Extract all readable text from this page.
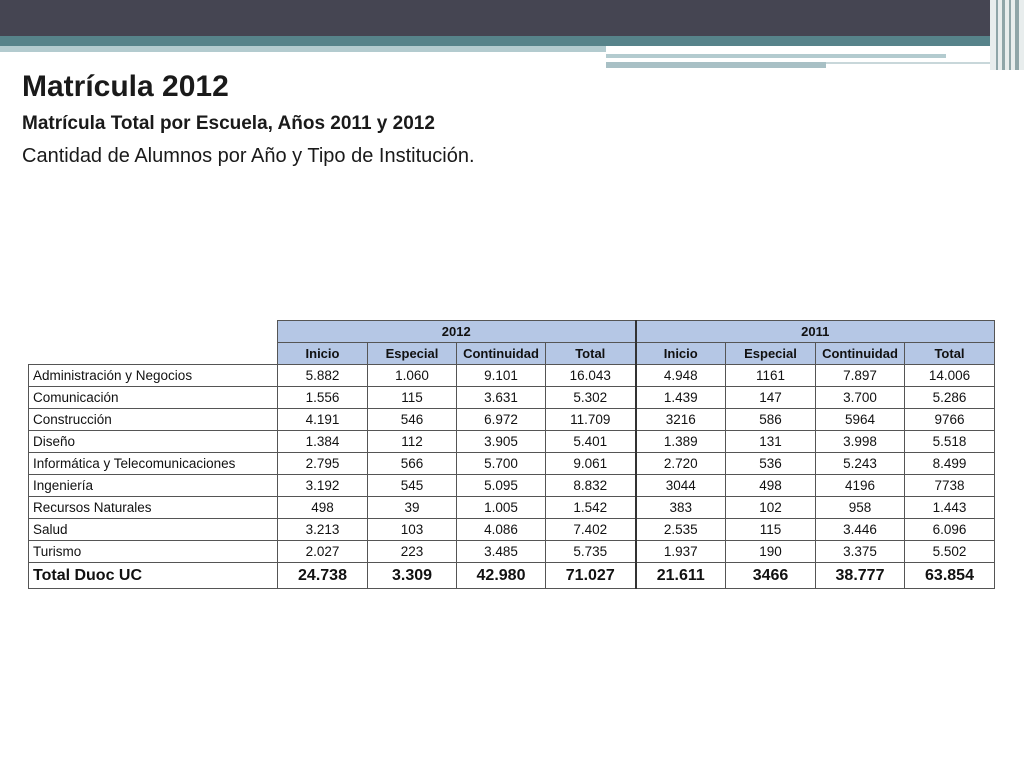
Matrícula 2012
Matrícula Total por Escuela, Años 2011 y 2012

Cantidad de Alumnos por Año y Tipo de Institución.

	2012				2011			
	Inicio	Especial	Continuidad	Total	Inicio	Especial	Continuidad	Total
Administración y Negocios	5.882	1.060	9.101	16.043	4.948	1161	7.897	14.006
Comunicación	1.556	115	3.631	5.302	1.439	147	3.700	5.286
Construcción	4.191	546	6.972	11.709	3216	586	5964	9766
Diseño	1.384	112	3.905	5.401	1.389	131	3.998	5.518
Informática y Telecomunicaciones	2.795	566	5.700	9.061	2.720	536	5.243	8.499
Ingeniería	3.192	545	5.095	8.832	3044	498	4196	7738
Recursos Naturales	498	39	1.005	1.542	383	102	958	1.443
Salud	3.213	103	4.086	7.402	2.535	115	3.446	6.096
Turismo	2.027	223	3.485	5.735	1.937	190	3.375	5.502
Total Duoc UC	24.738	3.309	42.980	71.027	21.611	3466	38.777	63.854
